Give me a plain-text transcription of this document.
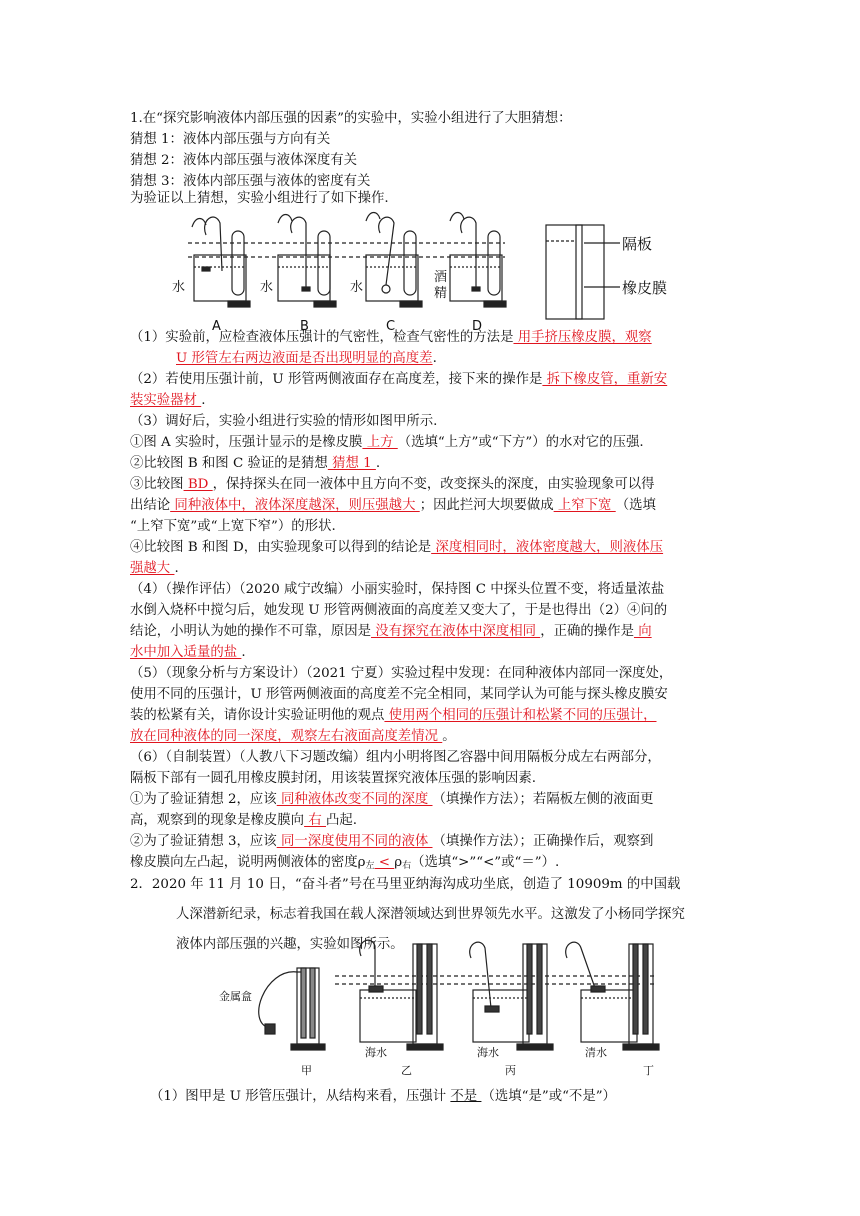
1.在“探究影响液体内部压强的因素”的实验中，实验小组进行了大胆猜想：
猜想 1：液体内部压强与方向有关
猜想 2：液体内部压强与液体深度有关
猜想 3：液体内部压强与液体的密度有关
为验证以上猜想，实验小组进行了如下操作.
A	B	C	D
水	水	水
酒
精
隔板
橡皮膜
（1）实验前，应检查液体压强计的气密性，检查气密性的方法是 用手挤压橡皮膜，观察
U 形管左右两边液面是否出现明显的高度差.
（2）若使用压强计前，U 形管两侧液面存在高度差，接下来的操作是 拆下橡皮管，重新安
装实验器材 .
（3）调好后，实验小组进行实验的情形如图甲所示.
①图 A 实验时，压强计显示的是橡皮膜 上方 （选填“上方”或“下方”）的水对它的压强.
②比较图 B 和图 C 验证的是猜想 猜想 1 .
③比较图 BD ，保持探头在同一液体中且方向不变，改变探头的深度，由实验现象可以得
出结论 同种液体中，液体深度越深，则压强越大 ；因此拦河大坝要做成 上窄下宽 （选填
“上窄下宽”或“上宽下窄”）的形状.
④比较图 B 和图 D，由实验现象可以得到的结论是 深度相同时，液体密度越大，则液体压
强越大 .
（4）（操作评估）（2020 咸宁改编）小丽实验时，保持图 C 中探头位置不变，将适量浓盐
水倒入烧杯中搅匀后，她发现 U 形管两侧液面的高度差又变大了，于是也得出（2）④问的
结论，小明认为她的操作不可靠，原因是 没有探究在液体中深度相同 ，正确的操作是 向
水中加入适量的盐 .
（5）（现象分析与方案设计）（2021 宁夏）实验过程中发现：在同种液体内部同一深度处，
使用不同的压强计，U 形管两侧液面的高度差不完全相同，某同学认为可能与探头橡皮膜安
装的松紧有关，请你设计实验证明他的观点 使用两个相同的压强计和松紧不同的压强计，
放在同种液体的同一深度，观察左右液面高度差情况 。
（6）（自制装置）（人教八下习题改编）组内小明将图乙容器中间用隔板分成左右两部分，
隔板下部有一圆孔用橡皮膜封闭，用该装置探究液体压强的影响因素.
①为了验证猜想 2，应该 同种液体改变不同的深度 （填操作方法）；若隔板左侧的液面更
高，观察到的现象是橡皮膜向 右 凸起.
②为了验证猜想 3，应该 同一深度使用不同的液体 （填操作方法）；正确操作后，观察到
橡皮膜向左凸起，说明两侧液体的密度$\rho_左 < \rho_右$（选填“>”“<”或“＝”）.
2．2020 年 11 月 10 日，“奋斗者”号在马里亚纳海沟成功坐底，创造了 10909m 的中国载
人深潜新纪录，标志着我国在载人深潜领域达到世界领先水平。这激发了小杨同学探究
液体内部压强的兴趣，实验如图所示。
金属盒
海水	海水	清水
甲	乙	丙	丁
（1）图甲是 U 形管压强计，从结构来看，压强计 不是 （选填“是”或“不是”）
